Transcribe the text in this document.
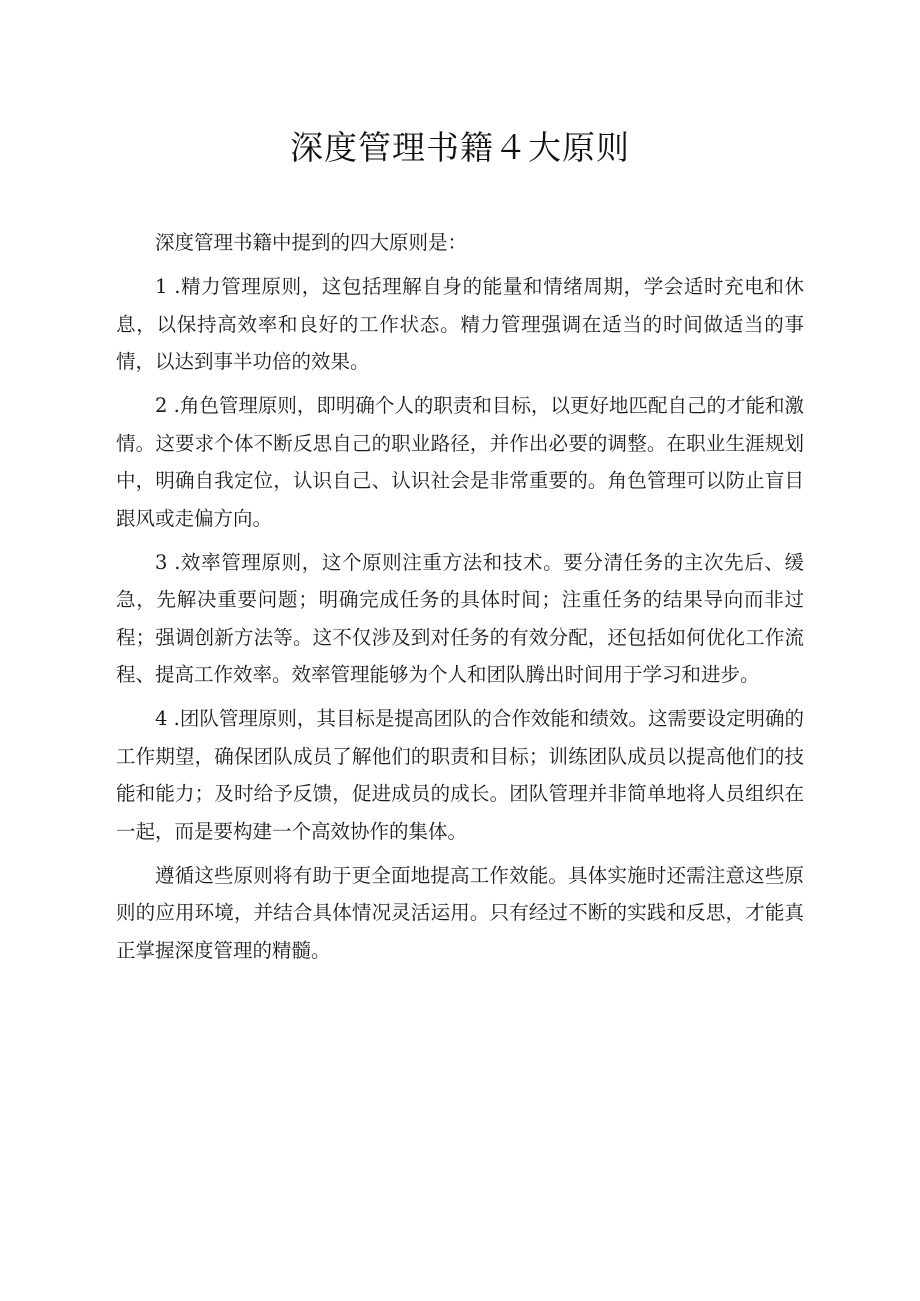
深度管理书籍４大原则

深度管理书籍中提到的四大原则是：

1 .精力管理原则，这包括理解自身的能量和情绪周期，学会适时充电和休息，以保持高效率和良好的工作状态。精力管理强调在适当的时间做适当的事情，以达到事半功倍的效果。

2 .角色管理原则，即明确个人的职责和目标，以更好地匹配自己的才能和激情。这要求个体不断反思自己的职业路径，并作出必要的调整。在职业生涯规划中，明确自我定位，认识自己、认识社会是非常重要的。角色管理可以防止盲目跟风或走偏方向。

3 .效率管理原则，这个原则注重方法和技术。要分清任务的主次先后、缓急，先解决重要问题；明确完成任务的具体时间；注重任务的结果导向而非过程；强调创新方法等。这不仅涉及到对任务的有效分配，还包括如何优化工作流程、提高工作效率。效率管理能够为个人和团队腾出时间用于学习和进步。

4 .团队管理原则，其目标是提高团队的合作效能和绩效。这需要设定明确的工作期望，确保团队成员了解他们的职责和目标；训练团队成员以提高他们的技能和能力；及时给予反馈，促进成员的成长。团队管理并非简单地将人员组织在一起，而是要构建一个高效协作的集体。

遵循这些原则将有助于更全面地提高工作效能。具体实施时还需注意这些原则的应用环境，并结合具体情况灵活运用。只有经过不断的实践和反思，才能真正掌握深度管理的精髓。
